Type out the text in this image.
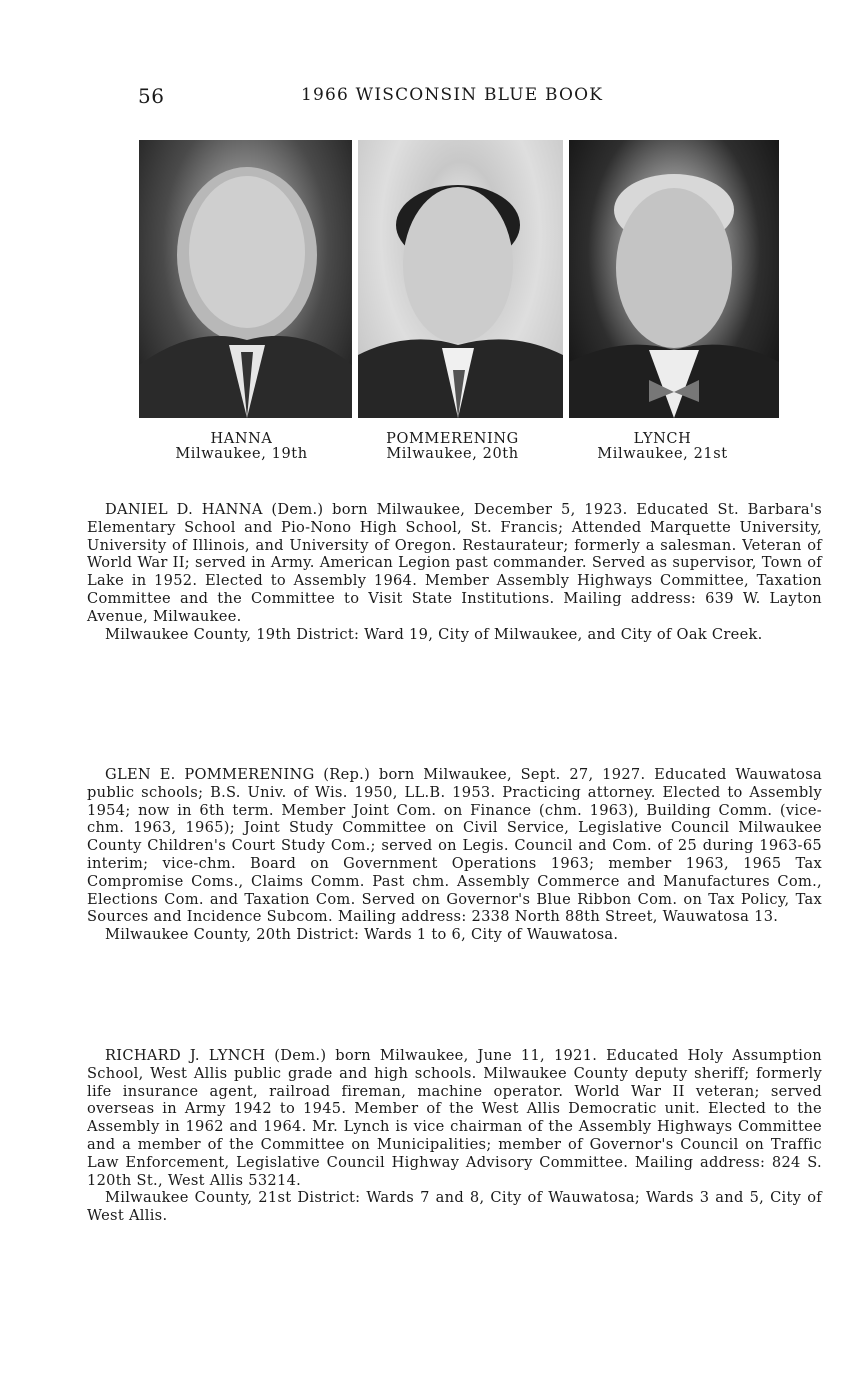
56	1966 WISCONSIN BLUE BOOK
HANNA
Milwaukee, 19th
POMMERENING
Milwaukee, 20th
LYNCH
Milwaukee, 21st

DANIEL D. HANNA (Dem.) born Milwaukee, December 5, 1923. Educated St. Barbara's Elementary School and Pio-Nono High School, St. Francis; Attended Marquette University, University of Illinois, and University of Oregon. Restaurateur; formerly a salesman. Veteran of World War II; served in Army. American Legion past commander. Served as supervisor, Town of Lake in 1952. Elected to Assembly 1964. Member Assembly Highways Committee, Taxation Committee and the Committee to Visit State Institutions. Mailing address: 639 W. Layton Avenue, Milwaukee.

Milwaukee County, 19th District: Ward 19, City of Milwaukee, and City of Oak Creek.

GLEN E. POMMERENING (Rep.) born Milwaukee, Sept. 27, 1927. Educated Wauwatosa public schools; B.S. Univ. of Wis. 1950, LL.B. 1953. Practicing attorney. Elected to Assembly 1954; now in 6th term. Member Joint Com. on Finance (chm. 1963), Building Comm. (vice-chm. 1963, 1965); Joint Study Committee on Civil Service, Legislative Council Milwaukee County Children's Court Study Com.; served on Legis. Council and Com. of 25 during 1963-65 interim; vice-chm. Board on Government Operations 1963; member 1963, 1965 Tax Compromise Coms., Claims Comm. Past chm. Assembly Commerce and Manufactures Com., Elections Com. and Taxation Com. Served on Governor's Blue Ribbon Com. on Tax Policy, Tax Sources and Incidence Subcom. Mailing address: 2338 North 88th Street, Wauwatosa 13.

Milwaukee County, 20th District: Wards 1 to 6, City of Wauwatosa.

RICHARD J. LYNCH (Dem.) born Milwaukee, June 11, 1921. Educated Holy Assumption School, West Allis public grade and high schools. Milwaukee County deputy sheriff; formerly life insurance agent, railroad fireman, machine operator. World War II veteran; served overseas in Army 1942 to 1945. Member of the West Allis Democratic unit. Elected to the Assembly in 1962 and 1964. Mr. Lynch is vice chairman of the Assembly Highways Committee and a member of the Committee on Municipalities; member of Governor's Council on Traffic Law Enforcement, Legislative Council Highway Advisory Committee. Mailing address: 824 S. 120th St., West Allis 53214.

Milwaukee County, 21st District: Wards 7 and 8, City of Wauwatosa; Wards 3 and 5, City of West Allis.
